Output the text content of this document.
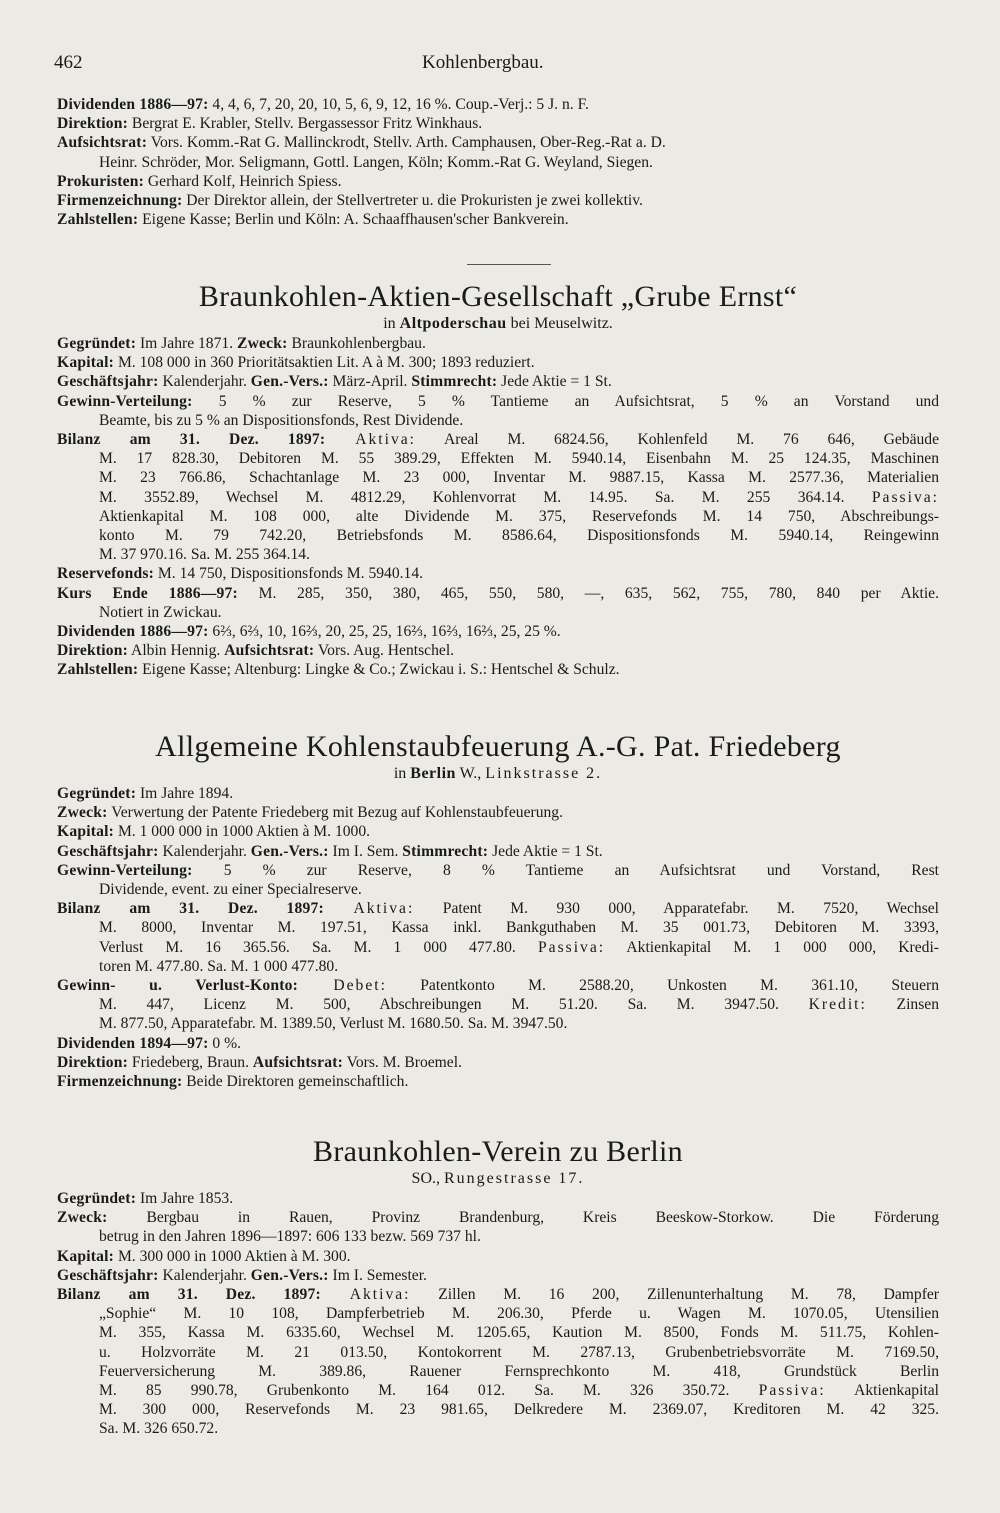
462	Kohlenbergbau.
Dividenden 1886—97: 4, 4, 6, 7, 20, 20, 10, 5, 6, 9, 12, 16 %. Coup.-Verj.: 5 J. n. F.
Direktion: Bergrat E. Krabler, Stellv. Bergassessor Fritz Winkhaus.
Aufsichtsrat: Vors. Komm.-Rat G. Mallinckrodt, Stellv. Arth. Camphausen, Ober-Reg.-Rat a. D.
Heinr. Schröder, Mor. Seligmann, Gottl. Langen, Köln; Komm.-Rat G. Weyland, Siegen.
Prokuristen: Gerhard Kolf, Heinrich Spiess.
Firmenzeichnung: Der Direktor allein, der Stellvertreter u. die Prokuristen je zwei kollektiv.
Zahlstellen: Eigene Kasse; Berlin und Köln: A. Schaaffhausen'scher Bankverein.
Braunkohlen-Aktien-Gesellschaft „Grube Ernst“
in Altpoderschau bei Meuselwitz.
Gegründet: Im Jahre 1871. Zweck: Braunkohlenbergbau.
Kapital: M. 108 000 in 360 Prioritätsaktien Lit. A à M. 300; 1893 reduziert.
Geschäftsjahr: Kalenderjahr. Gen.-Vers.: März-April. Stimmrecht: Jede Aktie = 1 St.
Gewinn-Verteilung: 5 % zur Reserve, 5 % Tantieme an Aufsichtsrat, 5 % an Vorstand und
Beamte, bis zu 5 % an Dispositionsfonds, Rest Dividende.
Bilanz am 31. Dez. 1897: Aktiva: Areal M. 6824.56, Kohlenfeld M. 76 646, Gebäude
M. 17 828.30, Debitoren M. 55 389.29, Effekten M. 5940.14, Eisenbahn M. 25 124.35, Maschinen
M. 23 766.86, Schachtanlage M. 23 000, Inventar M. 9887.15, Kassa M. 2577.36, Materialien
M. 3552.89, Wechsel M. 4812.29, Kohlenvorrat M. 14.95. Sa. M. 255 364.14. Passiva:
Aktienkapital M. 108 000, alte Dividende M. 375, Reservefonds M. 14 750, Abschreibungs-
konto M. 79 742.20, Betriebsfonds M. 8586.64, Dispositionsfonds M. 5940.14, Reingewinn
M. 37 970.16. Sa. M. 255 364.14.
Reservefonds: M. 14 750, Dispositionsfonds M. 5940.14.
Kurs Ende 1886—97: M. 285, 350, 380, 465, 550, 580, —, 635, 562, 755, 780, 840 per Aktie.
Notiert in Zwickau.
Dividenden 1886—97: 6⅔, 6⅔, 10, 16⅔, 20, 25, 25, 16⅔, 16⅔, 16⅔, 25, 25 %.
Direktion: Albin Hennig. Aufsichtsrat: Vors. Aug. Hentschel.
Zahlstellen: Eigene Kasse; Altenburg: Lingke & Co.; Zwickau i. S.: Hentschel & Schulz.
Allgemeine Kohlenstaubfeuerung A.-G. Pat. Friedeberg
in Berlin W., Linkstrasse 2.
Gegründet: Im Jahre 1894.
Zweck: Verwertung der Patente Friedeberg mit Bezug auf Kohlenstaubfeuerung.
Kapital: M. 1 000 000 in 1000 Aktien à M. 1000.
Geschäftsjahr: Kalenderjahr. Gen.-Vers.: Im I. Sem. Stimmrecht: Jede Aktie = 1 St.
Gewinn-Verteilung: 5 % zur Reserve, 8 % Tantieme an Aufsichtsrat und Vorstand, Rest
Dividende, event. zu einer Specialreserve.
Bilanz am 31. Dez. 1897: Aktiva: Patent M. 930 000, Apparatefabr. M. 7520, Wechsel
M. 8000, Inventar M. 197.51, Kassa inkl. Bankguthaben M. 35 001.73, Debitoren M. 3393,
Verlust M. 16 365.56. Sa. M. 1 000 477.80. Passiva: Aktienkapital M. 1 000 000, Kredi-
toren M. 477.80. Sa. M. 1 000 477.80.
Gewinn- u. Verlust-Konto: Debet: Patentkonto M. 2588.20, Unkosten M. 361.10, Steuern
M. 447, Licenz M. 500, Abschreibungen M. 51.20. Sa. M. 3947.50. Kredit: Zinsen
M. 877.50, Apparatefabr. M. 1389.50, Verlust M. 1680.50. Sa. M. 3947.50.
Dividenden 1894—97: 0 %.
Direktion: Friedeberg, Braun. Aufsichtsrat: Vors. M. Broemel.
Firmenzeichnung: Beide Direktoren gemeinschaftlich.
Braunkohlen-Verein zu Berlin
SO., Rungestrasse 17.
Gegründet: Im Jahre 1853.
Zweck: Bergbau in Rauen, Provinz Brandenburg, Kreis Beeskow-Storkow. Die Förderung
betrug in den Jahren 1896—1897: 606 133 bezw. 569 737 hl.
Kapital: M. 300 000 in 1000 Aktien à M. 300.
Geschäftsjahr: Kalenderjahr. Gen.-Vers.: Im I. Semester.
Bilanz am 31. Dez. 1897: Aktiva: Zillen M. 16 200, Zillenunterhaltung M. 78, Dampfer
„Sophie“ M. 10 108, Dampferbetrieb M. 206.30, Pferde u. Wagen M. 1070.05, Utensilien
M. 355, Kassa M. 6335.60, Wechsel M. 1205.65, Kaution M. 8500, Fonds M. 511.75, Kohlen-
u. Holzvorräte M. 21 013.50, Kontokorrent M. 2787.13, Grubenbetriebsvorräte M. 7169.50,
Feuerversicherung M. 389.86, Rauener Fernsprechkonto M. 418, Grundstück Berlin
M. 85 990.78, Grubenkonto M. 164 012. Sa. M. 326 350.72. Passiva: Aktienkapital
M. 300 000, Reservefonds M. 23 981.65, Delkredere M. 2369.07, Kreditoren M. 42 325.
Sa. M. 326 650.72.
